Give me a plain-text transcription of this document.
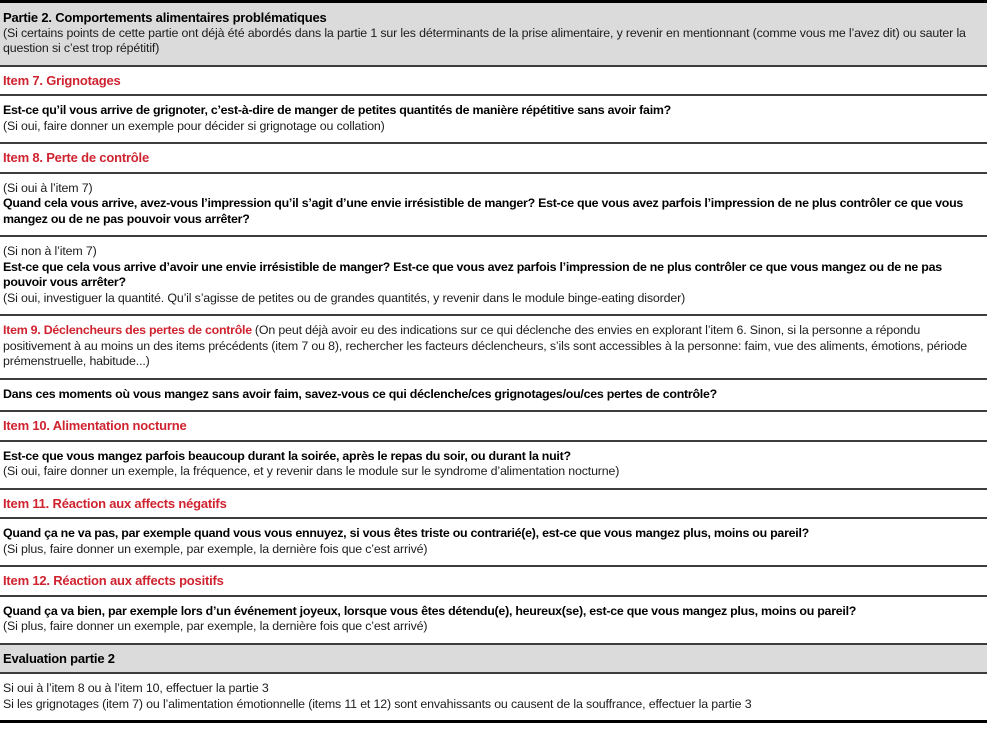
Partie 2. Comportements alimentaires problématiques

(Si certains points de cette partie ont déjà été abordés dans la partie 1 sur les déterminants de la prise alimentaire, y revenir en mentionnant (comme vous me l’avez dit) ou sauter la question si c’est trop répétitif)

Item 7. Grignotages

Est-ce qu’il vous arrive de grignoter, c’est-à-dire de manger de petites quantités de manière répétitive sans avoir faim?

(Si oui, faire donner un exemple pour décider si grignotage ou collation)

Item 8. Perte de contrôle

(Si oui à l’item 7)

Quand cela vous arrive, avez-vous l’impression qu’il s’agit d’une envie irrésistible de manger? Est-ce que vous avez parfois l’impression de ne plus contrôler ce que vous mangez ou de ne pas pouvoir vous arrêter?

(Si non à l’item 7)

Est-ce que cela vous arrive d’avoir une envie irrésistible de manger? Est-ce que vous avez parfois l’impression de ne plus contrôler ce que vous mangez ou de ne pas pouvoir vous arrêter?

(Si oui, investiguer la quantité. Qu’il s’agisse de petites ou de grandes quantités, y revenir dans le module binge-eating disorder)

Item 9. Déclencheurs des pertes de contrôle (On peut déjà avoir eu des indications sur ce qui déclenche des envies en explorant l’item 6. Sinon, si la personne a répondu positivement à au moins un des items précédents (item 7 ou 8), rechercher les facteurs déclencheurs, s’ils sont accessibles à la personne: faim, vue des aliments, émotions, période prémenstruelle, habitude...)

Dans ces moments où vous mangez sans avoir faim, savez-vous ce qui déclenche/ces grignotages/ou/ces pertes de contrôle?

Item 10. Alimentation nocturne

Est-ce que vous mangez parfois beaucoup durant la soirée, après le repas du soir, ou durant la nuit?

(Si oui, faire donner un exemple, la fréquence, et y revenir dans le module sur le syndrome d’alimentation nocturne)

Item 11. Réaction aux affects négatifs

Quand ça ne va pas, par exemple quand vous vous ennuyez, si vous êtes triste ou contrarié(e), est-ce que vous mangez plus, moins ou pareil?

(Si plus, faire donner un exemple, par exemple, la dernière fois que c’est arrivé)

Item 12. Réaction aux affects positifs

Quand ça va bien, par exemple lors d’un événement joyeux, lorsque vous êtes détendu(e), heureux(se), est-ce que vous mangez plus, moins ou pareil?

(Si plus, faire donner un exemple, par exemple, la dernière fois que c’est arrivé)

Evaluation partie 2

Si oui à l’item 8 ou à l’item 10, effectuer la partie 3

Si les grignotages (item 7) ou l’alimentation émotionnelle (items 11 et 12) sont envahissants ou causent de la souffrance, effectuer la partie 3
